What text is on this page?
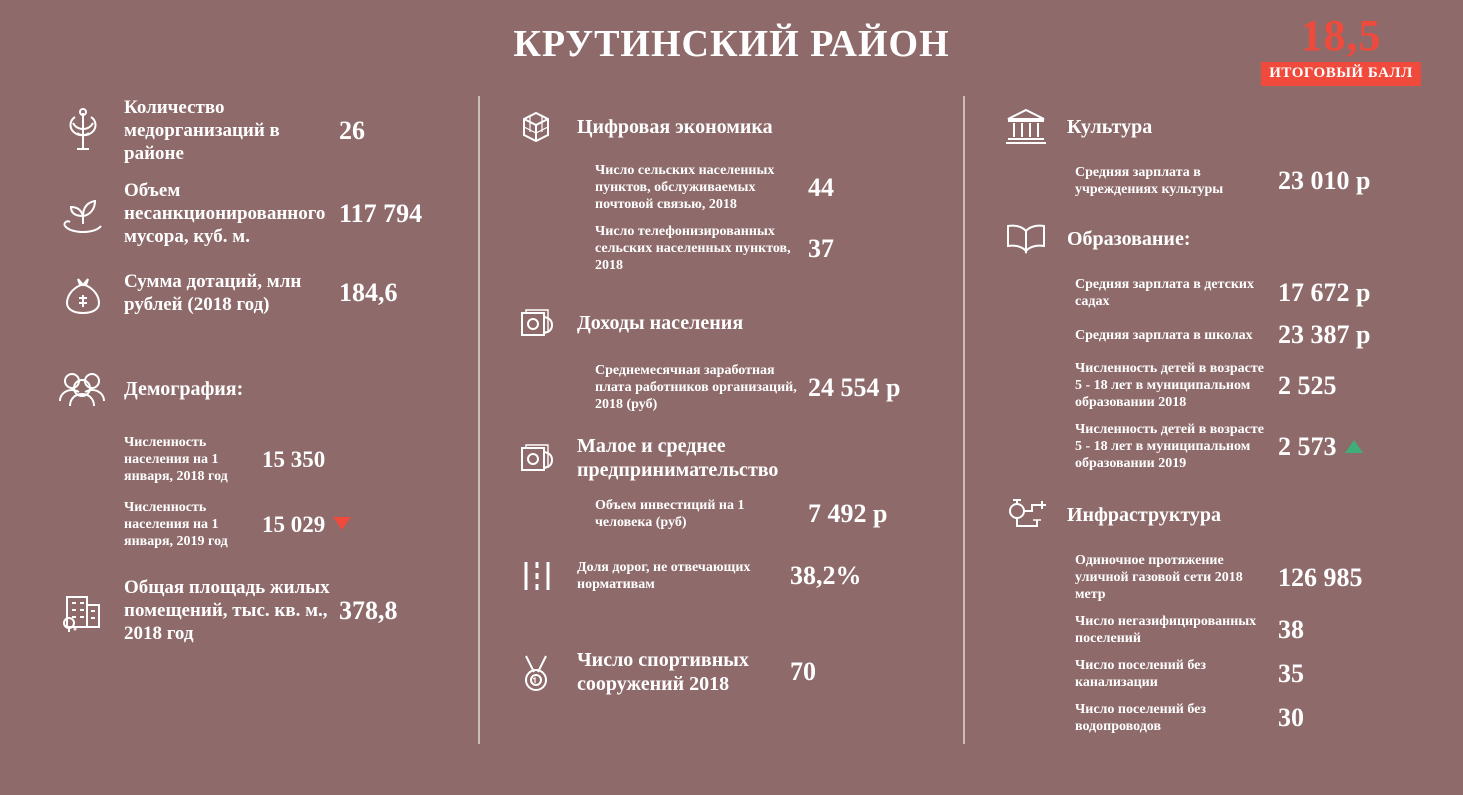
КРУТИНСКИЙ РАЙОН	18,5
ИТОГОВЫЙ БАЛЛ
Количество медорганизаций в районе
26
Объем несанкционированного мусора, куб. м.
117 794
Сумма дотаций, млн рублей (2018 год)	184,6
Демография:
Численность населения на 1 января, 2018 год
15 350
Численность населения на 1 января, 2019 год
15 029
Общая площадь жилых помещений, тыс. кв. м., 2018 год
378,8
Цифровая экономика
Число сельских населенных пунктов, обслуживаемых почтовой связью, 2018
44
Число телефонизированных сельских населенных пунктов, 2018
37
Доходы населения
Среднемесячная заработная плата работников организаций, 2018 (руб)
24 554 р
Малое и среднее предпринимательство
Объем инвестиций на 1 человека (руб)	7 492 р
Доля дорог, не отвечающих нормативам	38,2%
Число спортивных сооружений 2018	70
Культура
Средняя зарплата в учреждениях культуры	23 010 р
Образование:
Средняя зарплата в детских садах	17 672 р
Средняя зарплата в школах 23 387 р
Численность детей в возрасте 5 - 18 лет в муниципальном образовании 2018
2 525
Численность детей в возрасте 5 - 18 лет в муниципальном образовании 2019
2 573
Инфраструктура
Одиночное протяжение уличной газовой сети 2018 метр
126 985
Число негазифицированных поселений	38
Число поселений без канализации	35
Число поселений без водопроводов	30
